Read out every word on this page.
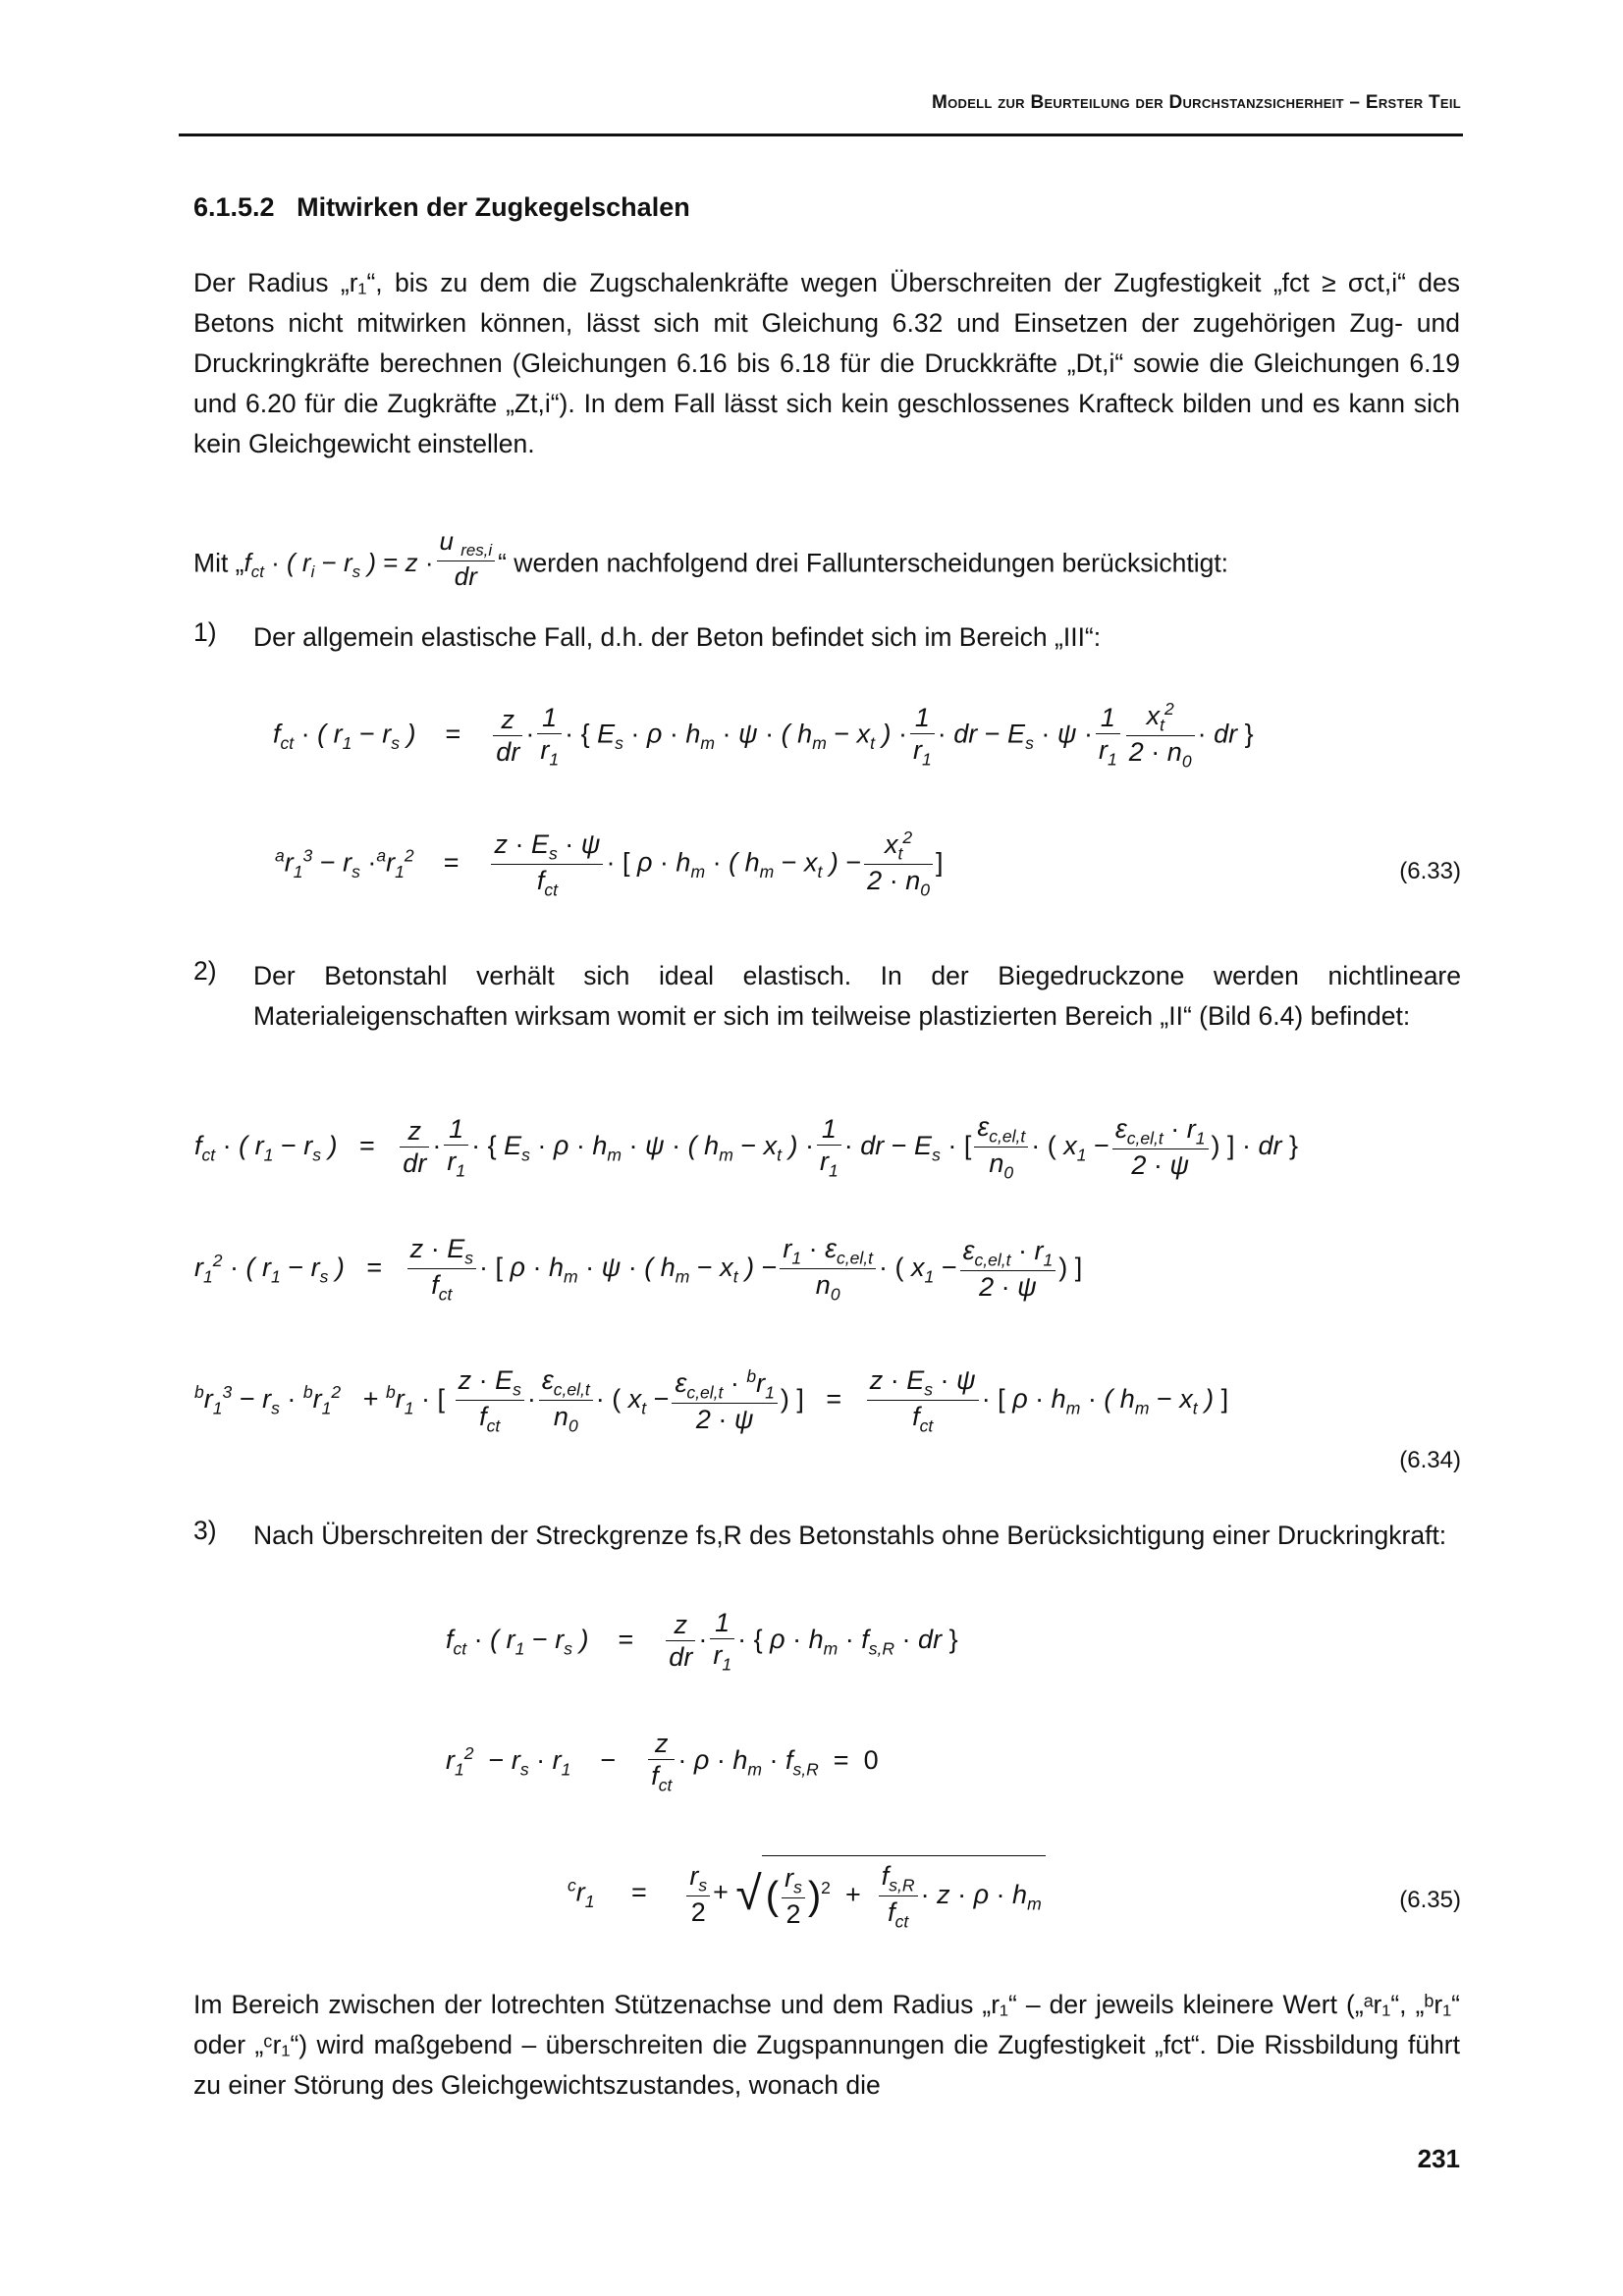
Modell zur Beurteilung der Durchstanzsicherheit – Erster Teil
6.1.5.2 Mitwirken der Zugkegelschalen
Der Radius „r₁“, bis zu dem die Zugschalenkräfte wegen Überschreiten der Zugfestigkeit „fct ≥ σct,i“ des Betons nicht mitwirken können, lässt sich mit Gleichung 6.32 und Einsetzen der zugehörigen Zug- und Druckringkräfte berechnen (Gleichungen 6.16 bis 6.18 für die Druckkräfte „Dt,i“ sowie die Gleichungen 6.19 und 6.20 für die Zugkräfte „Zt,i“). In dem Fall lässt sich kein geschlossenes Krafteck bilden und es kann sich kein Gleichgewicht einstellen.
Mit $„f_{ct}$ · ( $r_i - r_s$ ) = $z \cdot \frac{u _{res,i}}{dr}$ “ werden nachfolgend drei Fallunterscheidungen berücksichtigt:
1) Der allgemein elastische Fall, d.h. der Beton befindet sich im Bereich „III“:
$f_{ct}$ · ( $r_1 - r_s$ )    = $\frac{z}{dr} \cdot \frac{1}{r_1}$ · { $E_s \cdot \rho \cdot h_m \cdot \psi$ · ( $h_m - x_t$ ) · $\frac{1}{r_1}$ · dr − $E_s \cdot \psi \cdot \frac{1}{r_1} \frac{x_t^2}{2 \cdot n_0}$ · dr }
$^ar_1^3 - r_s \cdot^ar_1^2 = \frac{z \cdot E_s \cdot \psi}{f_{ct}}$ · [ $\rho \cdot h_m$ · ( $h_m - x_t$ ) − $\frac{x_t^2}{2 \cdot n_0}$ ]	(6.33)
2) Der Betonstahl verhält sich ideal elastisch. In der Biegedruckzone werden nichtlineare Materialeigenschaften wirksam womit er sich im teilweise plastizierten Bereich „II“ (Bild 6.4) befindet:
$f_{ct}$ · ( $r_1 - r_s$ )   = $\frac{z}{dr} \cdot \frac{1}{r_1}$ · { $E_s \cdot \rho \cdot h_m \cdot \psi$ · ( $h_m - x_t$ ) · $\frac{1}{r_1}$ · dr − $E_s$ · [ $\frac{\varepsilon_{c,el,t}}{n_0}$ · ( $x_1 - \frac{\varepsilon_{c,el,t} \cdot r_1}{2 \cdot \psi}$ ) ] · dr }
$r_1^2$ · ( $r_1 - r_s$ )   = $\frac{z \cdot E_s}{f_{ct}}$ · [ $\rho \cdot h_m \cdot \psi$ · ( $h_m - x_t$ ) − $\frac{r_1 \cdot \varepsilon_{c,el,t}}{n_0}$ · ( $x_1 - \frac{\varepsilon_{c,el,t} \cdot r_1}{2 \cdot \psi}$ ) ]
$^br_1^3 - r_s \cdot ^br_1^2 + ^br_1$ · [ $\frac{z \cdot E_s}{f_{ct}} \cdot \frac{\varepsilon_{c,el,t}}{n_0}$ · ( $x_t - \frac{\varepsilon_{c,el,t} \cdot ^br_1}{2 \cdot \psi}$ ) ] = $\frac{z \cdot E_s \cdot \psi}{f_{ct}}$ · [ $\rho \cdot h_m$ · ( $h_m - x_t$ ) ]
(6.34)
3) Nach Überschreiten der Streckgrenze fs,R des Betonstahls ohne Berücksichtigung einer Druckringkraft:
$f_{ct}$ · ( $r_1 - r_s$ )    = $\frac{z}{dr} \cdot \frac{1}{r_1}$ · { $\rho \cdot h_m \cdot f_{s,R}$ · dr }
$r_1^2 - r_s \cdot r_1 - \frac{z}{f_{ct}} \cdot \rho \cdot h_m \cdot f_{s,R} = 0$
$^cr_1 = \frac{r_s}{2}$ + √ ( $\frac{r_s}{2} )^2 + \frac{f_{s,R}}{f_{ct}} \cdot z \cdot \rho \cdot h_m$	(6.35)
Im Bereich zwischen der lotrechten Stützenachse und dem Radius „r₁“ – der jeweils kleinere Wert („ᵃr₁“, „ᵇr₁“ oder „ᶜr₁“) wird maßgebend – überschreiten die Zugspannungen die Zugfestigkeit „fct“. Die Rissbildung führt zu einer Störung des Gleichgewichtszustandes, wonach die
231
